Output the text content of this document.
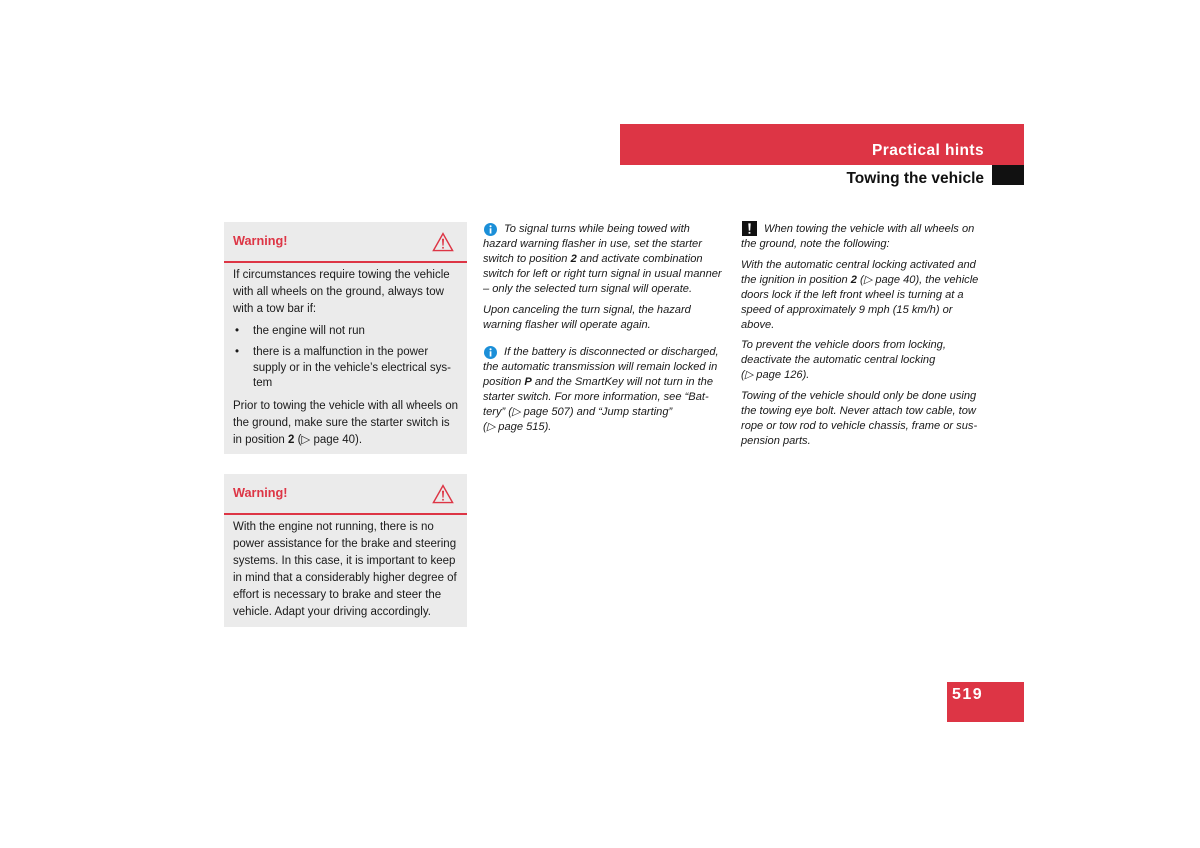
Practical hints
Towing the vehicle
Warning!
If circumstances require towing the vehicle
with all wheels on the ground, always tow
with a tow bar if:
• the engine will not run
• there is a malfunction in the power
supply or in the vehicle’s electrical sys-
tem
Prior to towing the vehicle with all wheels on
the ground, make sure the starter switch is
in position 2 (▷ page 40).
Warning!
With the engine not running, there is no
power assistance for the brake and steering
systems. In this case, it is important to keep
in mind that a considerably higher degree of
effort is necessary to brake and steer the
vehicle. Adapt your driving accordingly.
To signal turns while being towed with
hazard warning flasher in use, set the starter
switch to position 2 and activate combination
switch for left or right turn signal in usual manner
– only the selected turn signal will operate.
Upon canceling the turn signal, the hazard
warning flasher will operate again.
If the battery is disconnected or discharged,
the automatic transmission will remain locked in
position P and the SmartKey will not turn in the
starter switch. For more information, see “Bat-
tery” (▷ page 507) and “Jump starting”
(▷ page 515).
When towing the vehicle with all wheels on
the ground, note the following:
With the automatic central locking activated and
the ignition in position 2 (▷ page 40), the vehicle
doors lock if the left front wheel is turning at a
speed of approximately 9 mph (15 km/h) or
above.
To prevent the vehicle doors from locking,
deactivate the automatic central locking
(▷ page 126).
Towing of the vehicle should only be done using
the towing eye bolt. Never attach tow cable, tow
rope or tow rod to vehicle chassis, frame or sus-
pension parts.
519
